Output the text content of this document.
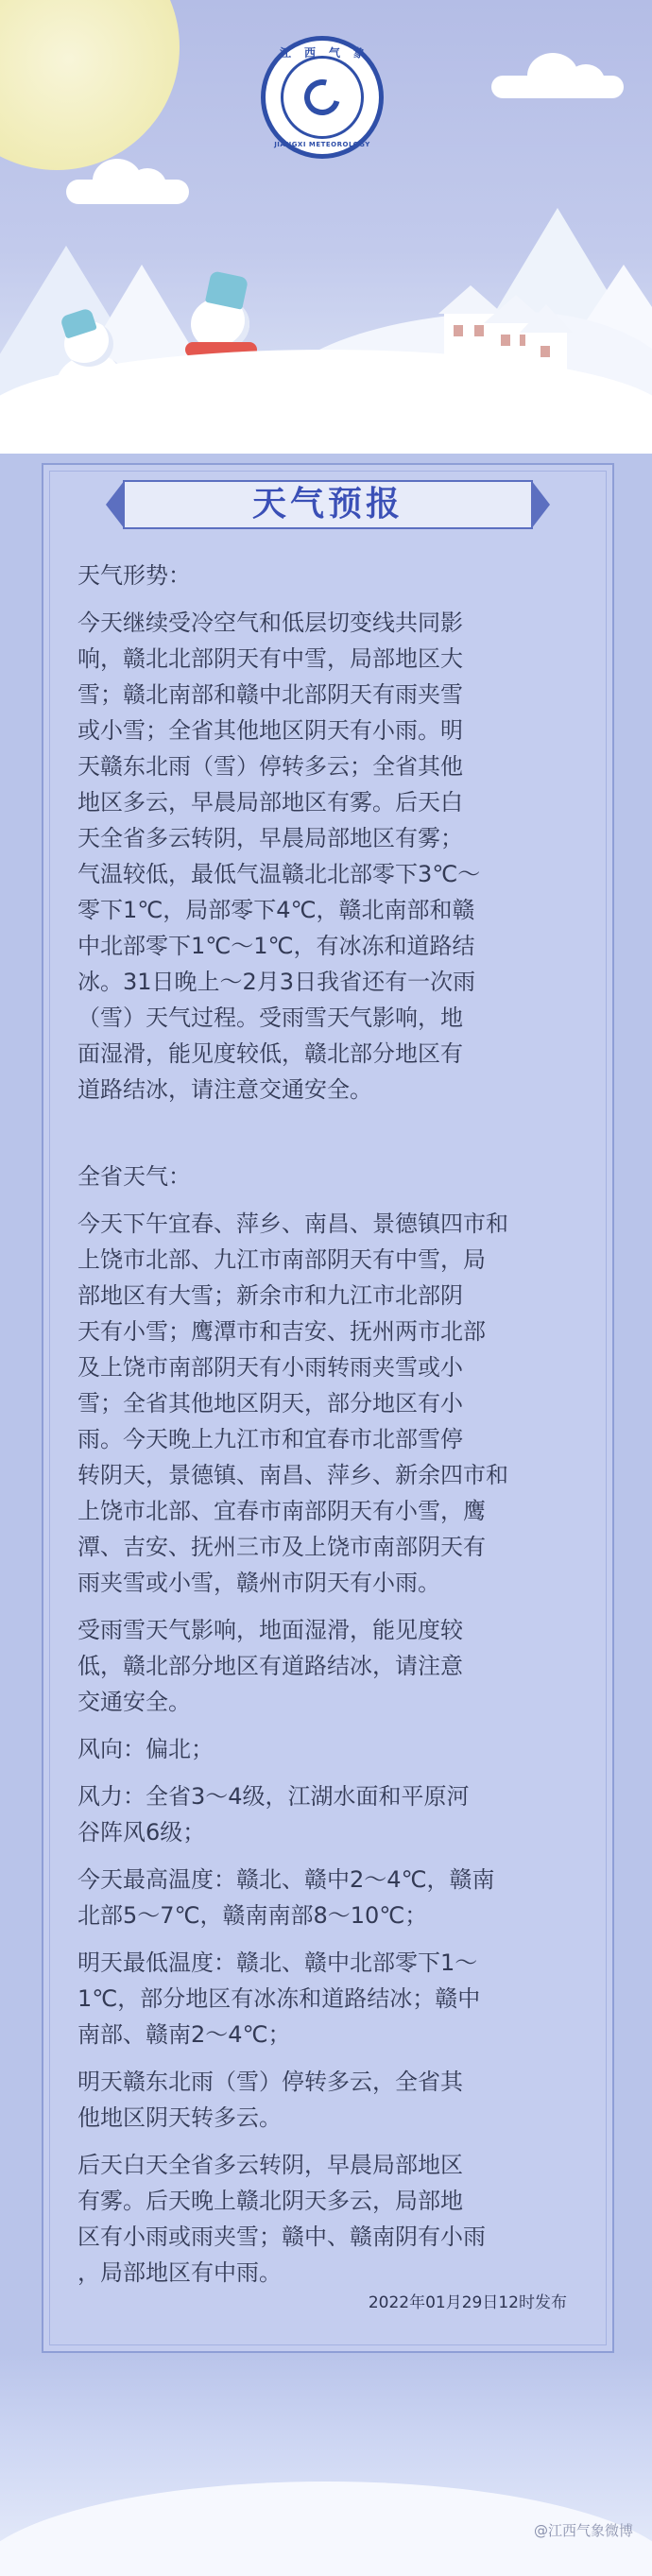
江西气象
JIANGXI METEOROLOGY
天气预报

天气形势：

今天继续受冷空气和低层切变线共同影

响，赣北北部阴天有中雪，局部地区大

雪；赣北南部和赣中北部阴天有雨夹雪

或小雪；全省其他地区阴天有小雨。明

天赣东北雨（雪）停转多云；全省其他

地区多云，早晨局部地区有雾。后天白

天全省多云转阴，早晨局部地区有雾；

气温较低，最低气温赣北北部零下3℃～

零下1℃，局部零下4℃，赣北南部和赣

中北部零下1℃～1℃，有冰冻和道路结

冰。31日晚上～2月3日我省还有一次雨

（雪）天气过程。受雨雪天气影响，地

面湿滑，能见度较低，赣北部分地区有

道路结冰，请注意交通安全。

全省天气：

今天下午宜春、萍乡、南昌、景德镇四市和

上饶市北部、九江市南部阴天有中雪，局

部地区有大雪；新余市和九江市北部阴

天有小雪；鹰潭市和吉安、抚州两市北部

及上饶市南部阴天有小雨转雨夹雪或小

雪；全省其他地区阴天，部分地区有小

雨。今天晚上九江市和宜春市北部雪停

转阴天，景德镇、南昌、萍乡、新余四市和

上饶市北部、宜春市南部阴天有小雪，鹰

潭、吉安、抚州三市及上饶市南部阴天有

雨夹雪或小雪，赣州市阴天有小雨。

受雨雪天气影响，地面湿滑，能见度较

低，赣北部分地区有道路结冰，请注意

交通安全。

风向：偏北；

风力：全省3～4级，江湖水面和平原河

谷阵风6级；

今天最高温度：赣北、赣中2～4℃，赣南

北部5～7℃，赣南南部8～10℃；

明天最低温度：赣北、赣中北部零下1～

1℃，部分地区有冰冻和道路结冰；赣中

南部、赣南2～4℃；

明天赣东北雨（雪）停转多云，全省其

他地区阴天转多云。

后天白天全省多云转阴，早晨局部地区

有雾。后天晚上赣北阴天多云，局部地

区有小雨或雨夹雪；赣中、赣南阴有小雨

，局部地区有中雨。

2022年01月29日12时发布
@江西气象微博
